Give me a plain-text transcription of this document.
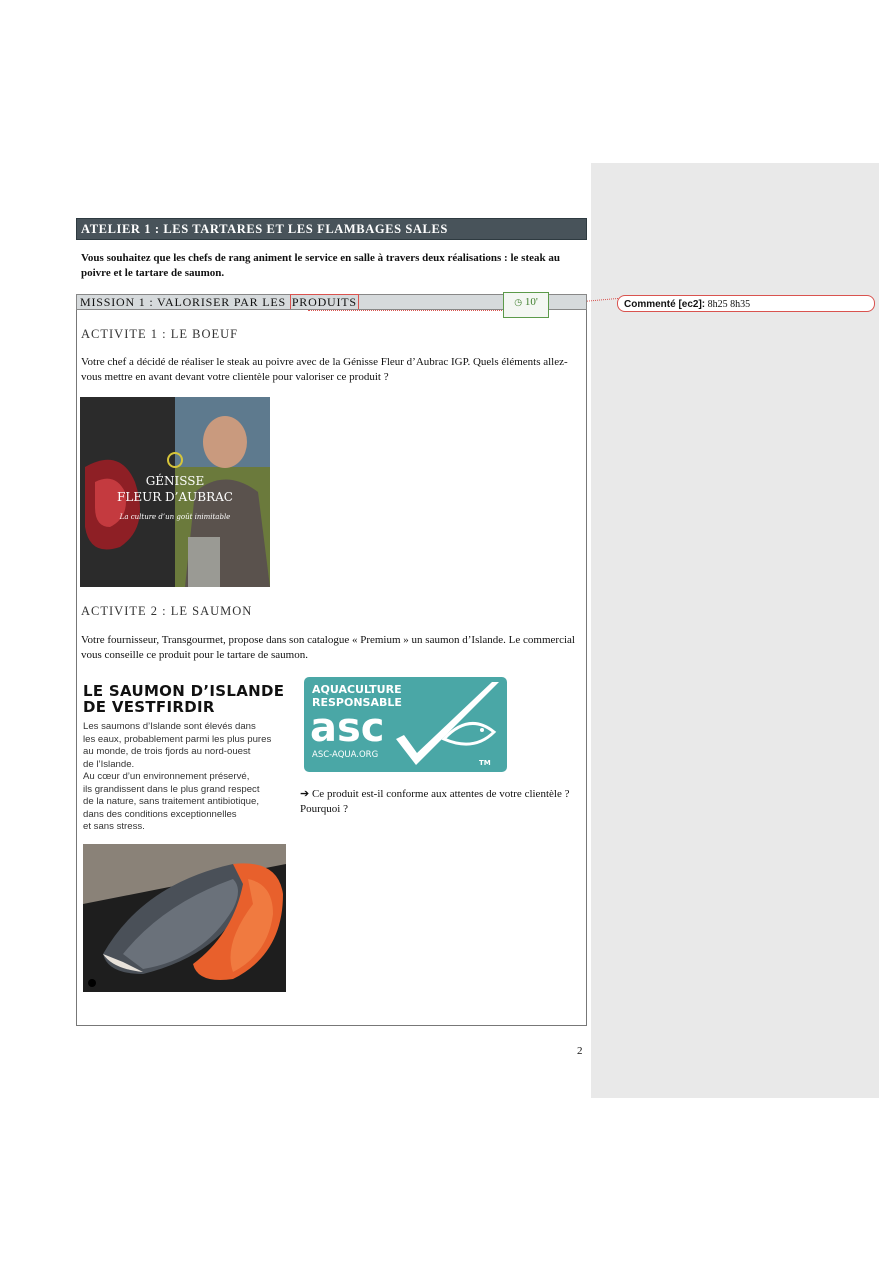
Commenté [ec2]: 8h25 8h35
ATELIER 1 : LES TARTARES ET LES FLAMBAGES SALES
Vous souhaitez que les chefs de rang animent le service en salle à travers deux réalisations : le steak au poivre et le tartare de saumon.
MISSION 1 : VALORISER PAR LES PRODUITS	◷ 10'
ACTIVITE 1 : LE BOEUF
Votre chef a décidé de réaliser le steak au poivre avec de la Génisse Fleur d’Aubrac IGP. Quels éléments allez-vous mettre en avant devant votre clientèle pour valoriser ce produit ?
GÉNISSE
FLEUR D’AUBRAC
La culture d’un goût inimitable
ACTIVITE 2 : LE SAUMON
Votre fournisseur, Transgourmet, propose dans son catalogue « Premium » un saumon d’Islande. Le commercial vous conseille ce produit pour le tartare de saumon.
LE SAUMON D’ISLANDE
DE VESTFIRDIR
Les saumons d’Islande sont élevés dans
les eaux, probablement parmi les plus pures
au monde, de trois fjords au nord-ouest
de l’Islande.
Au cœur d’un environnement préservé,
ils grandissent dans le plus grand respect
de la nature, sans traitement antibiotique,
dans des conditions exceptionnelles
et sans stress.
AQUACULTURE
RESPONSABLE
asc
ASC-AQUA.ORG
TM
➔ Ce produit est-il conforme aux attentes de votre clientèle ? Pourquoi ?
2
